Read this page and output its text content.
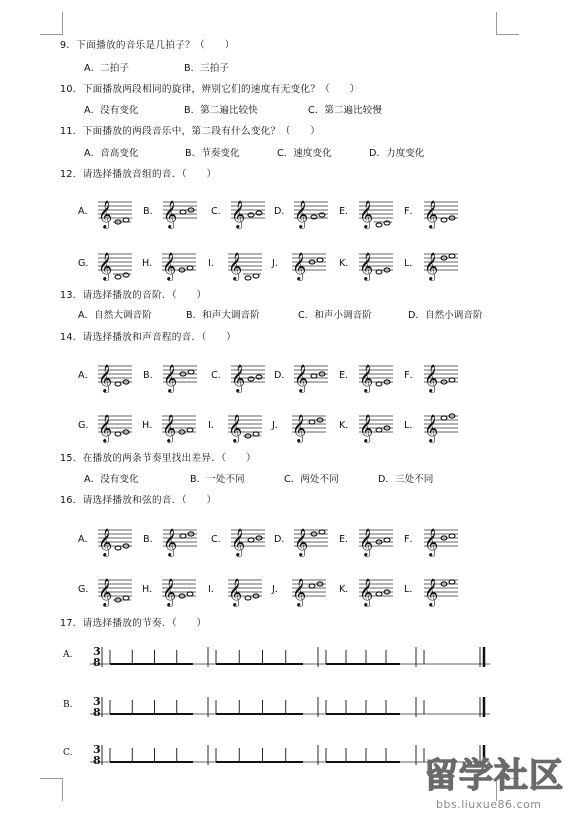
9．下面播放的音乐是几拍子？（　　）
A．二拍子	B．三拍子
10．下面播放两段相同的旋律，辨别它们的速度有无变化？（　　）
A．没有变化	B．第二遍比较快	C．第二遍比较慢
11．下面播放的两段音乐中，第二段有什么变化？（　　）
A．音高变化	B．节奏变化	C．速度变化	D．力度变化
12．请选择播放音组的音．（　　）
A． 𝄞	B． 𝄞	C． 𝄞	D． 𝄞	E． 𝄞	F． 𝄞
G． 𝄞	H． 𝄞	I． 𝄞	J． 𝄞	K． 𝄞	L． 𝄞
13．请选择播放的音阶．（　　）
A．自然大调音阶	B．和声大调音阶	C．和声小调音阶	D．自然小调音阶
14．请选择播放和声音程的音．（　　）
A． 𝄞	B． 𝄞	C． 𝄞	D． 𝄞	E． 𝄞	F． 𝄞
G． 𝄞	H． 𝄞	I． 𝄞	J． 𝄞	K． 𝄞	L． 𝄞
15．在播放的两条节奏里找出差异．（　　）
A．没有变化	B．一处不同	C．两处不同	D．三处不同
16．请选择播放和弦的音．（　　）
A． 𝄞	B． 𝄞	C． 𝄞	D． 𝄞	E． 𝄞	F． 𝄞
G． 𝄞	H． 𝄞	I． 𝄞	J． 𝄞	K． 𝄞	L． 𝄞
17．请选择播放的节奏．（　　）
A. 3
8
B. 3
8
C. 3
8	留学社区
bbs.liuxue86.com
